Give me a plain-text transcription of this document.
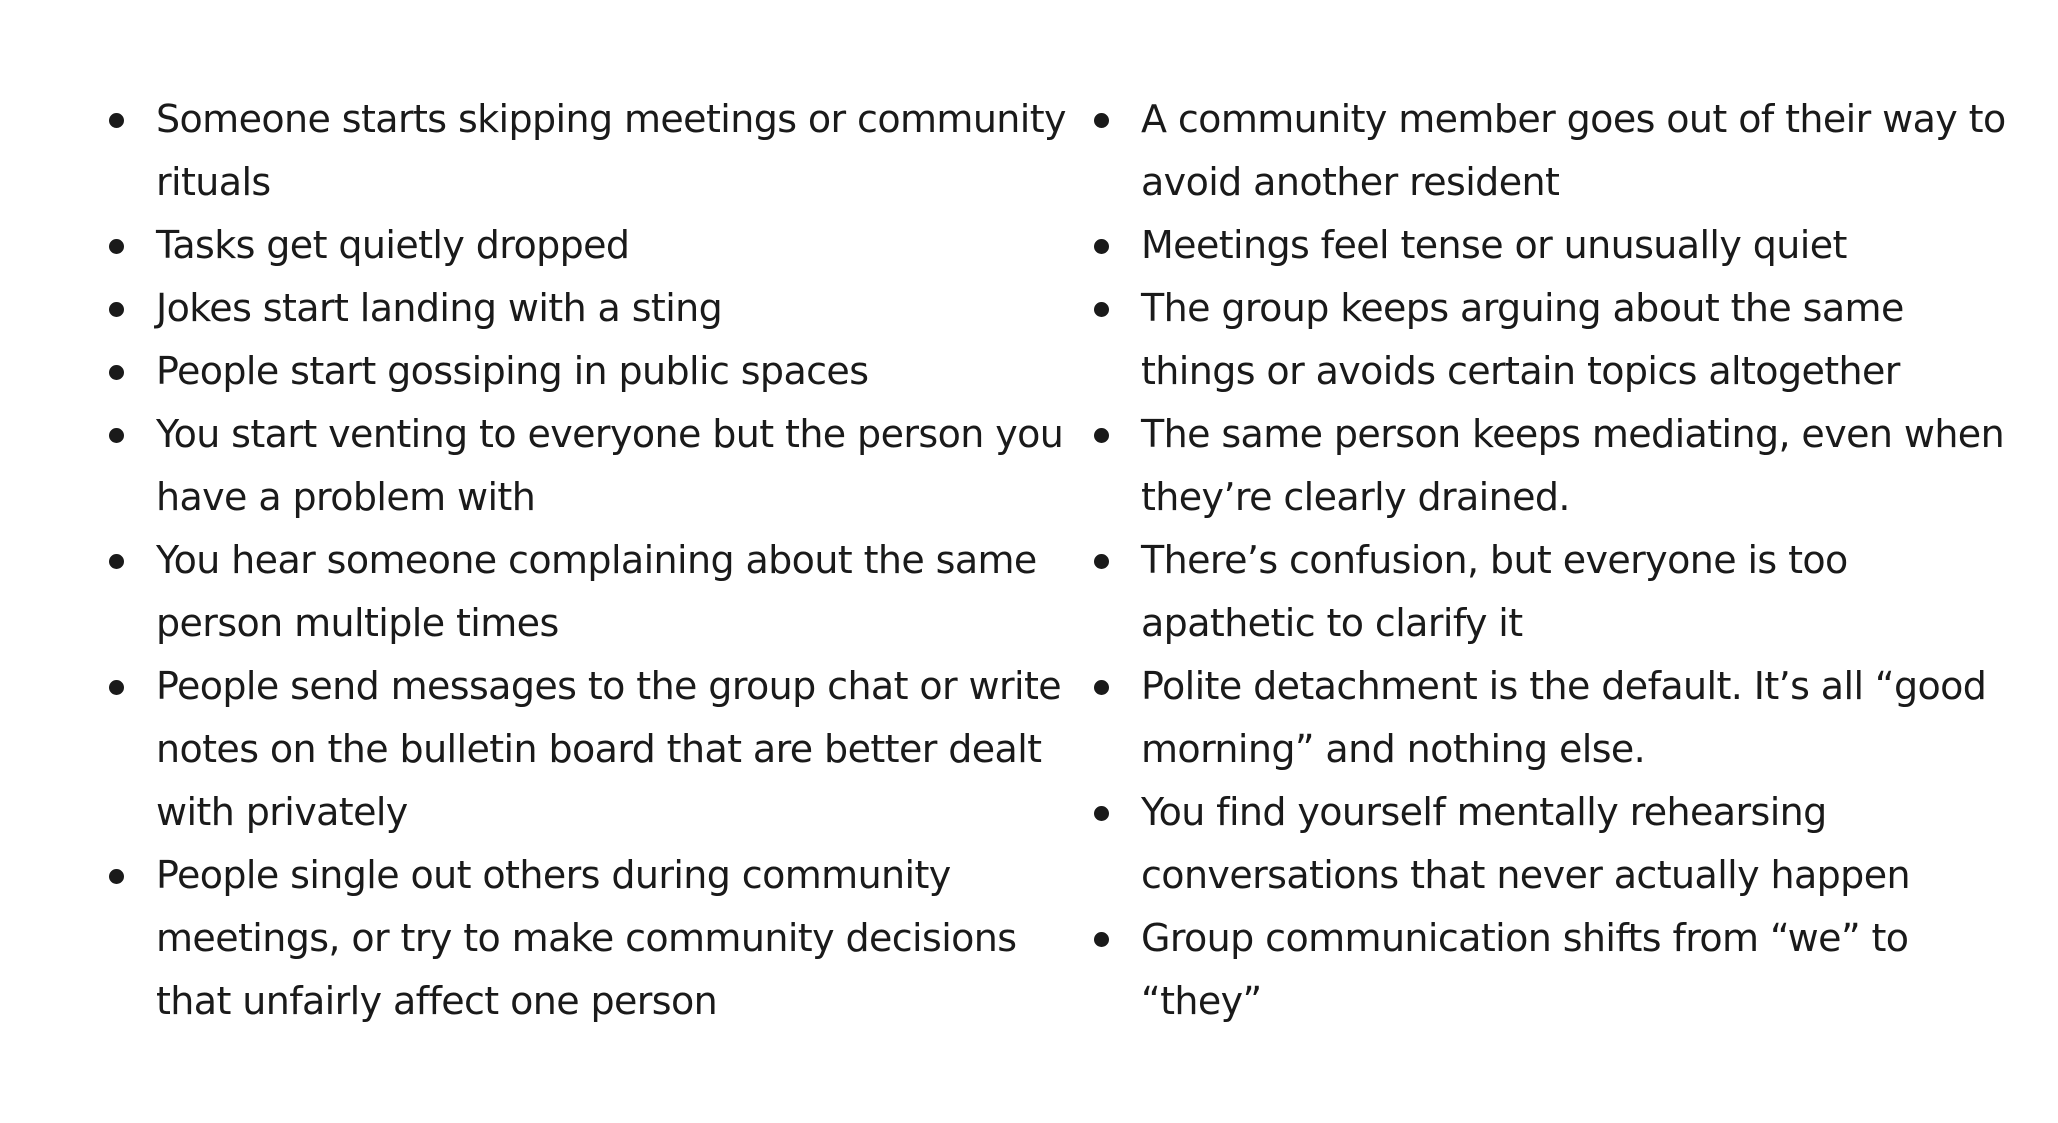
Someone starts skipping meetings or community rituals
Tasks get quietly dropped
Jokes start landing with a sting
People start gossiping in public spaces
You start venting to everyone but the person you have a problem with
You hear someone complaining about the same person multiple times
People send messages to the group chat or write notes on the bulletin board that are better dealt with privately
People single out others during community meetings, or try to make community decisions that unfairly affect one person
A community member goes out of their way to avoid another resident
Meetings feel tense or unusually quiet
The group keeps arguing about the same things or avoids certain topics altogether
The same person keeps mediating, even when they’re clearly drained.
There’s confusion, but everyone is too apathetic to clarify it
Polite detachment is the default. It’s all “good morning” and nothing else.
You find yourself mentally rehearsing conversations that never actually happen
Group communication shifts from “we” to “they”
